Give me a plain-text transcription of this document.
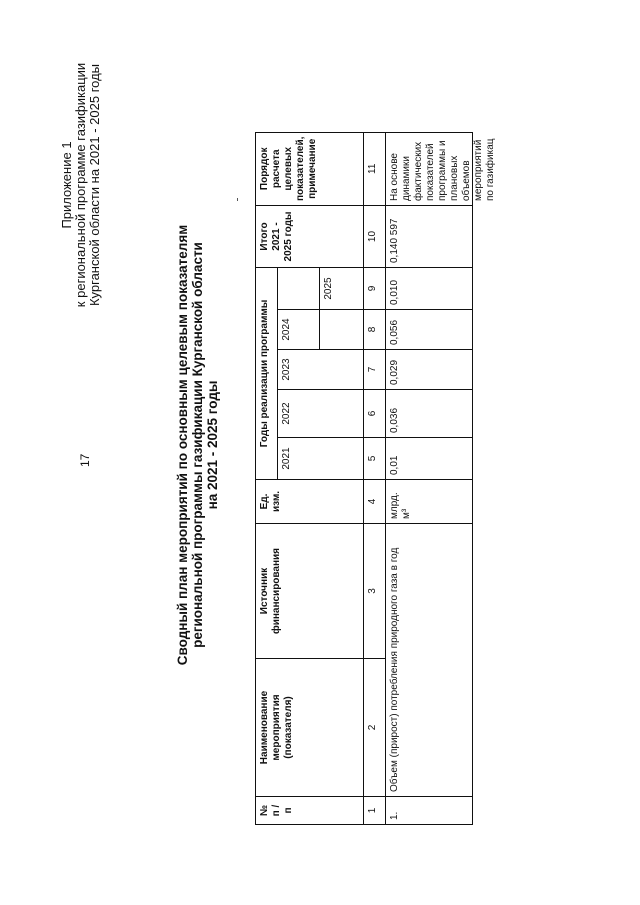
17
Приложение 1 к региональной программе газификации Курганской области на 2021 - 2025 годы
Сводный план мероприятий по основным целевым показателям региональной программы газификации Курганской области на 2021 - 2025 годы
№ п / п	Наименование мероприятия (показателя)	Источник финансирования	Ед. изм.	Годы реализации программы					Итого 2021 - 2025 годы	Порядок расчета целевых показателей, примечание
				2021	2022	2023	2024			
								2025		
1	2	3	4	5	6	7	8	9	10	11
1.	Объем (прирост) потребления природного газа в год		млрд. м³	0,01	0,036	0,029	0,056	0,010	0,140 597	На основе динамики фактических показателей программы и плановых объемов мероприятий по газификац
